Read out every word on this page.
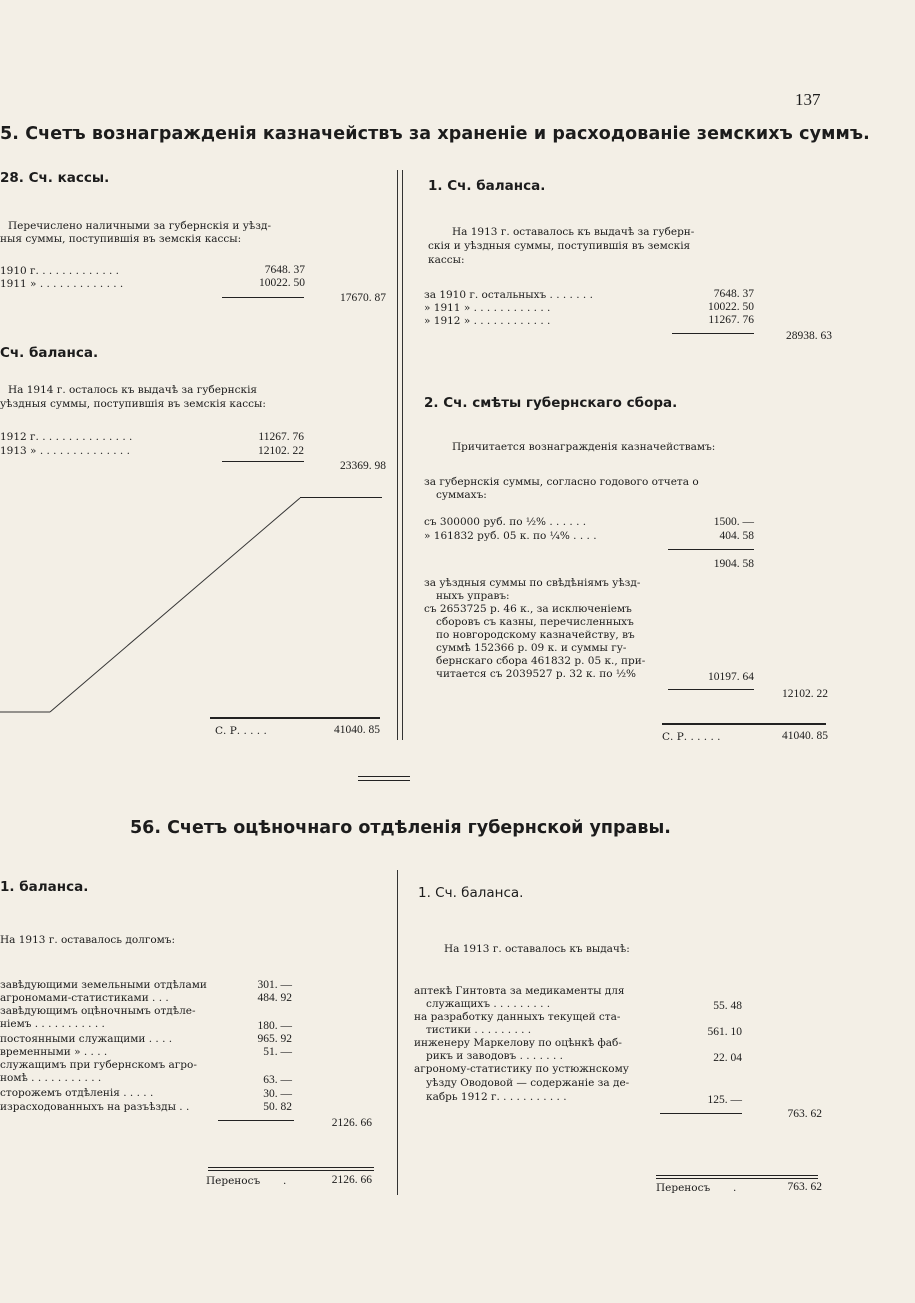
137
5. Счетъ вознагражденія казначействъ за храненіе и расходованіе земскихъ суммъ.
28. Сч. кассы.
Перечислено наличными за губернскія и уѣзд-
ныя суммы, поступившія въ земскія кассы:
1910 г. . . . . . . . . . . . .	7648. 37
1911 » . . . . . . . . . . . . .	10022. 50
17670. 87
Сч. баланса.
На 1914 г. осталось къ выдачѣ за губернскія
уѣздныя суммы, поступившія въ земскія кассы:
1912 г. . . . . . . . . . . . . . .	11267. 76
1913 » . . . . . . . . . . . . . .	12102. 22
23369. 98
С. Р. . . . .	41040. 85
1. Сч. баланса.
На 1913 г. оставалось къ выдачѣ за губерн-
скія и уѣздныя суммы, поступившія въ земскія
кассы:
за 1910 г. остальныхъ . . . . . . .	7648. 37
» 1911 » . . . . . . . . . . . .	10022. 50
» 1912 » . . . . . . . . . . . .	11267. 76
28938. 63
2. Сч. смѣты губернскаго сбора.
Причитается вознагражденія казначействамъ:
за губернскія суммы, согласно годового отчета о
суммахъ:
съ 300000 руб. по ½% . . . . . .	1500. —
» 161832 руб. 05 к. по ¼% . . . .	404. 58
1904. 58
за уѣздныя суммы по свѣдѣніямъ уѣзд-
ныхъ управъ:
съ 2653725 р. 46 к., за исключеніемъ
сборовъ съ казны, перечисленныхъ
по новгородскому казначейству, въ
суммѣ 152366 р. 09 к. и суммы гу-
бернскаго сбора 461832 р. 05 к., при-
читается съ 2039527 р. 32 к. по ½%	10197. 64
12102. 22
С. Р. . . . . .	41040. 85
56. Счетъ оцѣночнаго отдѣленія губернской управы.
1. баланса.
На 1913 г. оставалось долгомъ:
завѣдующими земельными отдѣлами	301. —
агрономами-статистиками . . .	484. 92
завѣдующимъ оцѣночнымъ отдѣле-
ніемъ . . . . . . . . . . .	180. —
постоянными служащими . . . .	965. 92
временными » . . . .	51. —
служащимъ при губернскомъ агро-
номѣ . . . . . . . . . . .	63. —
сторожемъ отдѣленія . . . . .	30. —
израсходованныхъ на разъѣзды . .	50. 82
2126. 66
Переносъ .	2126. 66
1. Сч. баланса.
На 1913 г. оставалось къ выдачѣ:
аптекѣ Гинтовта за медикаменты для
служащихъ . . . . . . . . .	55. 48
на разработку данныхъ текущей ста-
тистики . . . . . . . . .	561. 10
инженеру Маркелову по оцѣнкѣ фаб-
рикъ и заводовъ . . . . . . .	22. 04
агроному-статистику по устюжнскому
уѣзду Оводовой — содержаніе за де-
кабрь 1912 г. . . . . . . . . . .	125. —
763. 62
Переносъ .	763. 62
